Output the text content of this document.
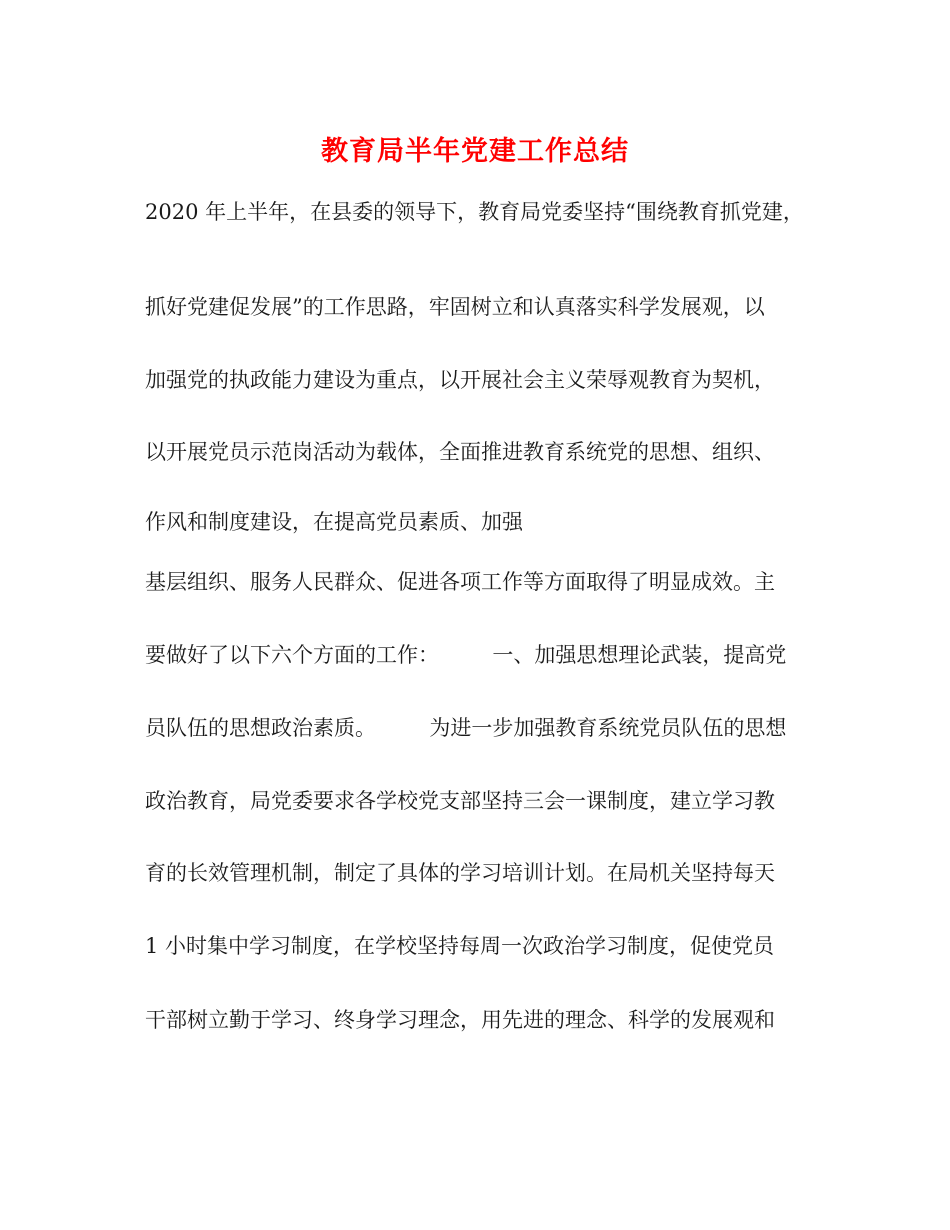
教育局半年党建工作总结

2020 年上半年，在县委的领导下，教育局党委坚持“围绕教育抓党建，

抓好党建促发展”的工作思路，牢固树立和认真落实科学发展观，以

加强党的执政能力建设为重点，以开展社会主义荣辱观教育为契机，

以开展党员示范岗活动为载体，全面推进教育系统党的思想、组织、

作风和制度建设，在提高党员素质、加强

基层组织、服务人民群众、促进各项工作等方面取得了明显成效。主

要做好了以下六个方面的工作：        一、加强思想理论武装，提高党

员队伍的思想政治素质。        为进一步加强教育系统党员队伍的思想

政治教育，局党委要求各学校党支部坚持三会一课制度，建立学习教

育的长效管理机制，制定了具体的学习培训计划。在局机关坚持每天

1 小时集中学习制度，在学校坚持每周一次政治学习制度，促使党员

干部树立勤于学习、终身学习理念，用先进的理念、科学的发展观和
